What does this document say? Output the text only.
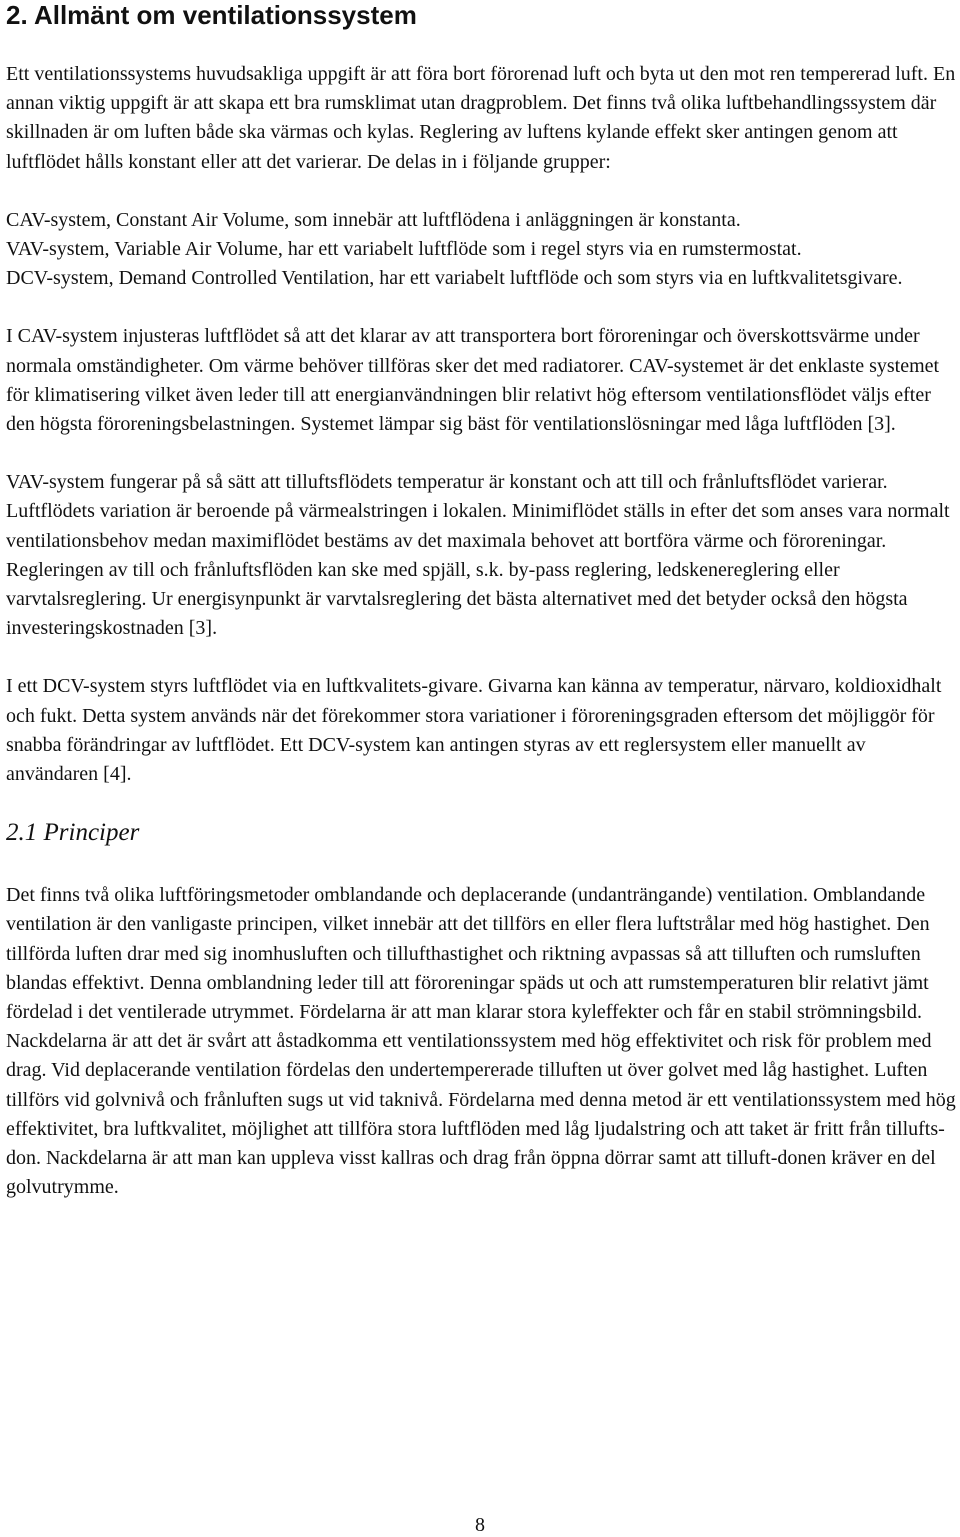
2. Allmänt om ventilationssystem

Ett ventilationssystems huvudsakliga uppgift är att föra bort förorenad luft och byta ut den mot ren tempererad luft. En annan viktig uppgift är att skapa ett bra rumsklimat utan dragproblem. Det finns två olika luftbehandlingssystem där skillnaden är om luften både ska värmas och kylas. Reglering av luftens kylande effekt sker antingen genom att luftflödet hålls konstant eller att det varierar. De delas in i följande grupper:

CAV-system, Constant Air Volume, som innebär att luftflödena i anläggningen är konstanta.

VAV-system, Variable Air Volume, har ett variabelt luftflöde som i regel styrs via en rumstermostat.

DCV-system, Demand Controlled Ventilation, har ett variabelt luftflöde och som styrs via en luftkvalitetsgivare.

I CAV-system injusteras luftflödet så att det klarar av att transportera bort föroreningar och överskottsvärme under normala omständigheter. Om värme behöver tillföras sker det med radiatorer. CAV-systemet är det enklaste systemet för klimatisering vilket även leder till att energianvändningen blir relativt hög eftersom ventilationsflödet väljs efter den högsta föroreningsbelastningen. Systemet lämpar sig bäst för ventilationslösningar med låga luftflöden [3].

VAV-system fungerar på så sätt att tilluftsflödets temperatur är konstant och att till och frånluftsflödet varierar. Luftflödets variation är beroende på värmealstringen i lokalen. Minimiflödet ställs in efter det som anses vara normalt ventilationsbehov medan maximiflödet bestäms av det maximala behovet att bortföra värme och föroreningar. Regleringen av till och frånluftsflöden kan ske med spjäll, s.k. by-pass reglering, ledskenereglering eller varvtalsreglering. Ur energisynpunkt är varvtalsreglering det bästa alternativet med det betyder också den högsta investeringskostnaden [3].

I ett DCV-system styrs luftflödet via en luftkvalitets-givare. Givarna kan känna av temperatur, närvaro, koldioxidhalt och fukt. Detta system används när det förekommer stora variationer i föroreningsgraden eftersom det möjliggör för snabba förändringar av luftflödet. Ett DCV-system kan antingen styras av ett reglersystem eller manuellt av användaren [4].

2.1 Principer

Det finns två olika luftföringsmetoder omblandande och deplacerande (undanträngande) ventilation. Omblandande ventilation är den vanligaste principen, vilket innebär att det tillförs en eller flera luftstrålar med hög hastighet. Den tillförda luften drar med sig inomhusluften och tillufthastighet och riktning avpassas så att tilluften och rumsluften blandas effektivt. Denna omblandning leder till att föroreningar späds ut och att rumstemperaturen blir relativt jämt fördelad i det ventilerade utrymmet. Fördelarna är att man klarar stora kyleffekter och får en stabil strömningsbild. Nackdelarna är att det är svårt att åstadkomma ett ventilationssystem med hög effektivitet och risk för problem med drag. Vid deplacerande ventilation fördelas den undertempererade tilluften ut över golvet med låg hastighet. Luften tillförs vid golvnivå och frånluften sugs ut vid taknivå. Fördelarna med denna metod är ett ventilationssystem med hög effektivitet, bra luftkvalitet, möjlighet att tillföra stora luftflöden med låg ljudalstring och att taket är fritt från tillufts-don. Nackdelarna är att man kan uppleva visst kallras och drag från öppna dörrar samt att tilluft-donen kräver en del golvutrymme.

8
